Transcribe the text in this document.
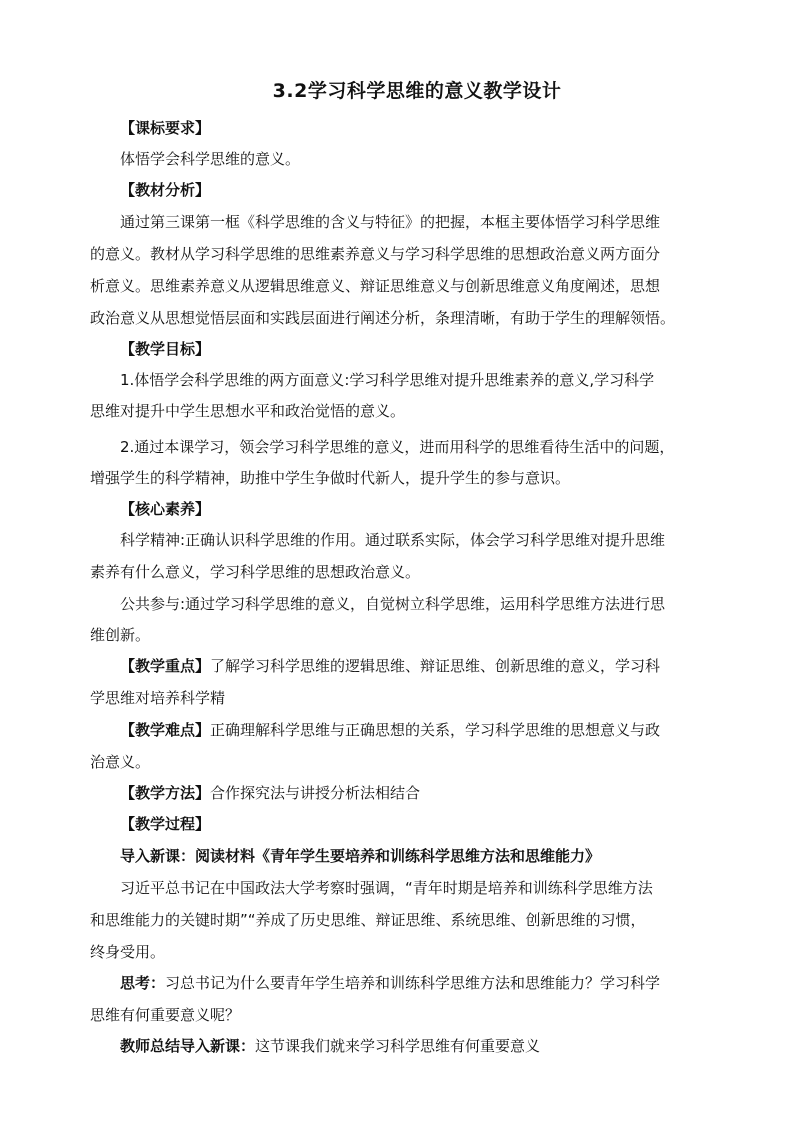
3.2学习科学思维的意义教学设计
【课标要求】
体悟学会科学思维的意义。
【教材分析】
通过第三课第一框《科学思维的含义与特征》的把握，本框主要体悟学习科学思维
的意义。教材从学习科学思维的思维素养意义与学习科学思维的思想政治意义两方面分
析意义。思维素养意义从逻辑思维意义、辩证思维意义与创新思维意义角度阐述，思想
政治意义从思想觉悟层面和实践层面进行阐述分析，条理清晰，有助于学生的理解领悟。
【教学目标】
1.体悟学会科学思维的两方面意义:学习科学思维对提升思维素养的意义,学习科学
思维对提升中学生思想水平和政治觉悟的意义。
2.通过本课学习，领会学习科学思维的意义，进而用科学的思维看待生活中的问题，
增强学生的科学精神，助推中学生争做时代新人，提升学生的参与意识。
【核心素养】
科学精神:正确认识科学思维的作用。通过联系实际，体会学习科学思维对提升思维
素养有什么意义，学习科学思维的思想政治意义。
公共参与:通过学习科学思维的意义，自觉树立科学思维，运用科学思维方法进行思
维创新。
【教学重点】了解学习科学思维的逻辑思维、辩证思维、创新思维的意义，学习科
学思维对培养科学精
【教学难点】正确理解科学思维与正确思想的关系，学习科学思维的思想意义与政
治意义。
【教学方法】合作探究法与讲授分析法相结合
【教学过程】
导入新课：阅读材料《青年学生要培养和训练科学思维方法和思维能力》
习近平总书记在中国政法大学考察时强调，“青年时期是培养和训练科学思维方法
和思维能力的关键时期”“养成了历史思维、辩证思维、系统思维、创新思维的习惯，
终身受用。
思考：习总书记为什么要青年学生培养和训练科学思维方法和思维能力？学习科学
思维有何重要意义呢？
教师总结导入新课：这节课我们就来学习科学思维有何重要意义
